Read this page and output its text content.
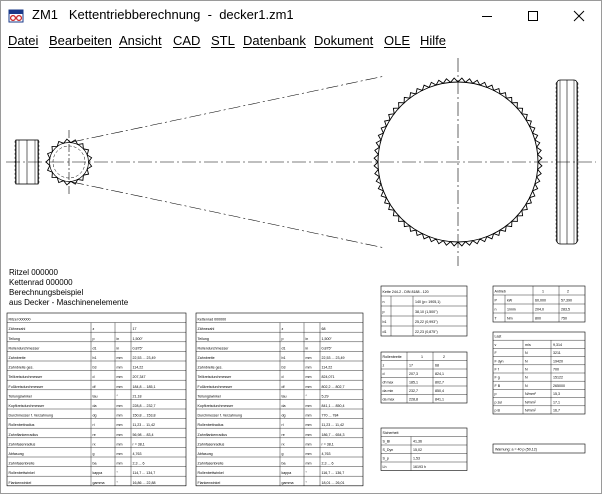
ZM1 Kettentriebberechnung - decker1.zm1
Datei Bearbeiten Ansicht CAD STL Datenbank Dokument OLE Hilfe
Ritzel 000000
Kettenrad 000000
Berechnungsbeispiel
aus Decker - Maschinenelemente
Ritzel 000000
Zähnezahl	z	17
Teilung	p	in	1,500"
Rollendurchmesser	d1	in	0,875"
Zahnbreite	b1	mm	22,53 ... 23,49
Zahnbreite ges.	b3	mm	114,22
Teilkreisdurchmesser	d	mm	207,347
Fußkreisdurchmesser	df	mm	184,8 ... 185,1
Teilungswinkel	tau	°	21,18
Kopfkreisdurchmesser	da	mm	228,8 ... 232,7
Durchmesser f. Verzahnung	dg	mm	150,8 ... 153,8
Rollenbettradius	ri	mm	11,23 ... 11,42
Zahnflankenradius	re	mm	56,98 ... 83,4
Zahnfasenradius	rx	mm	r = 38,1
Abfasung	g	mm	4,763
Zahnfasenbreite	ba	mm	2,3 ... 6
Rollenbettwinkel	kappa	°	114,7 ... 134,7
Flankenwinkel	gamma	°	16,86 ... 22,88
Kettenrad 000000
Zähnezahl	z	68
Teilung	p	in	1,500"
Rollendurchmesser	d1	in	0,875"
Zahnbreite	b1	mm	22,53 ... 23,49
Zahnbreite ges.	b3	mm	114,22
Teilkreisdurchmesser	d	mm	824,071
Fußkreisdurchmesser	df	mm	802,2 ... 802,7
Teilungswinkel	tau	°	5,29
Kopfkreisdurchmesser	da	mm	841,1 ... 850,4
Durchmesser f. Verzahnung	dg	mm	770 ... 784
Rollenbettradius	ri	mm	11,23 ... 11,42
Zahnflankenradius	re	mm	186,7 ... 654,3
Zahnfasenradius	rx	mm	r = 38,1
Abfasung	g	mm	4,763
Zahnfasenbreite	ba	mm	2,3 ... 6
Rollenbettwinkel	kappa	°	116,7 ... 136,7
Flankenwinkel	gamma	°	18,01 ... 26,01
Kette 244-2 - DIN 8188 - 120
n	140 (p= 1905,1)
p	38,10 (1,500")
b1	25,22 (0,993")
d1	22,23 (0,875")
Rollenbreite	1	2
z	17	68
d	207,3	824,1
df max	185,1	802,7
da min	232,7	850,4
da max	228,8	841,1
Sicherheit
S_Bl	41,36
S_Dyn	15,02
S_p	1,53
Lh	16193 h
Antrieb	1	2
P	kW	60,000	57,390
n	1/min	204,0	283,5
T	Nm	800	750
Last
v	m/s	9,314
F	N	3211
F dyn	N	19420
F f	N	700
F g	N	15122
F B	N	265000
p	N/mm²	15,3
p zul	N/mm²	17,1
p B	N/mm²	16,7
Warnung: a = 40 p (50,12)
